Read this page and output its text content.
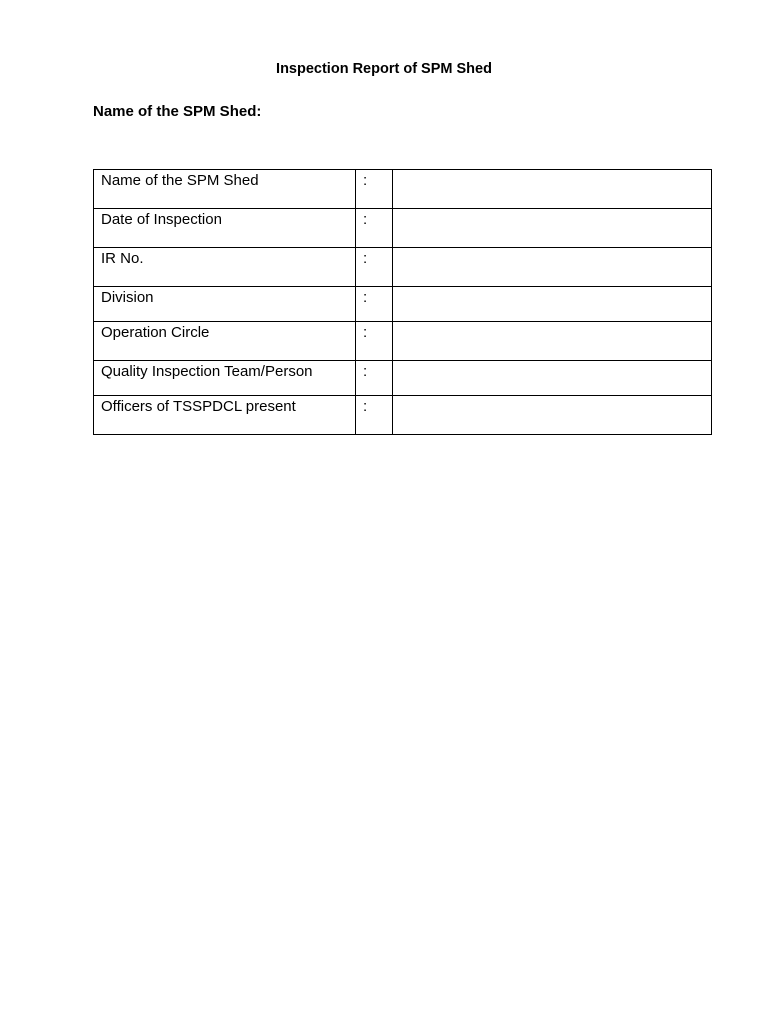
Inspection Report of SPM Shed
Name of the SPM Shed:
Name of the SPM Shed	:	
Date of Inspection	:	
IR No.	:	
Division	:	
Operation Circle	:	
Quality Inspection Team/Person	:	
Officers of TSSPDCL present	:	
